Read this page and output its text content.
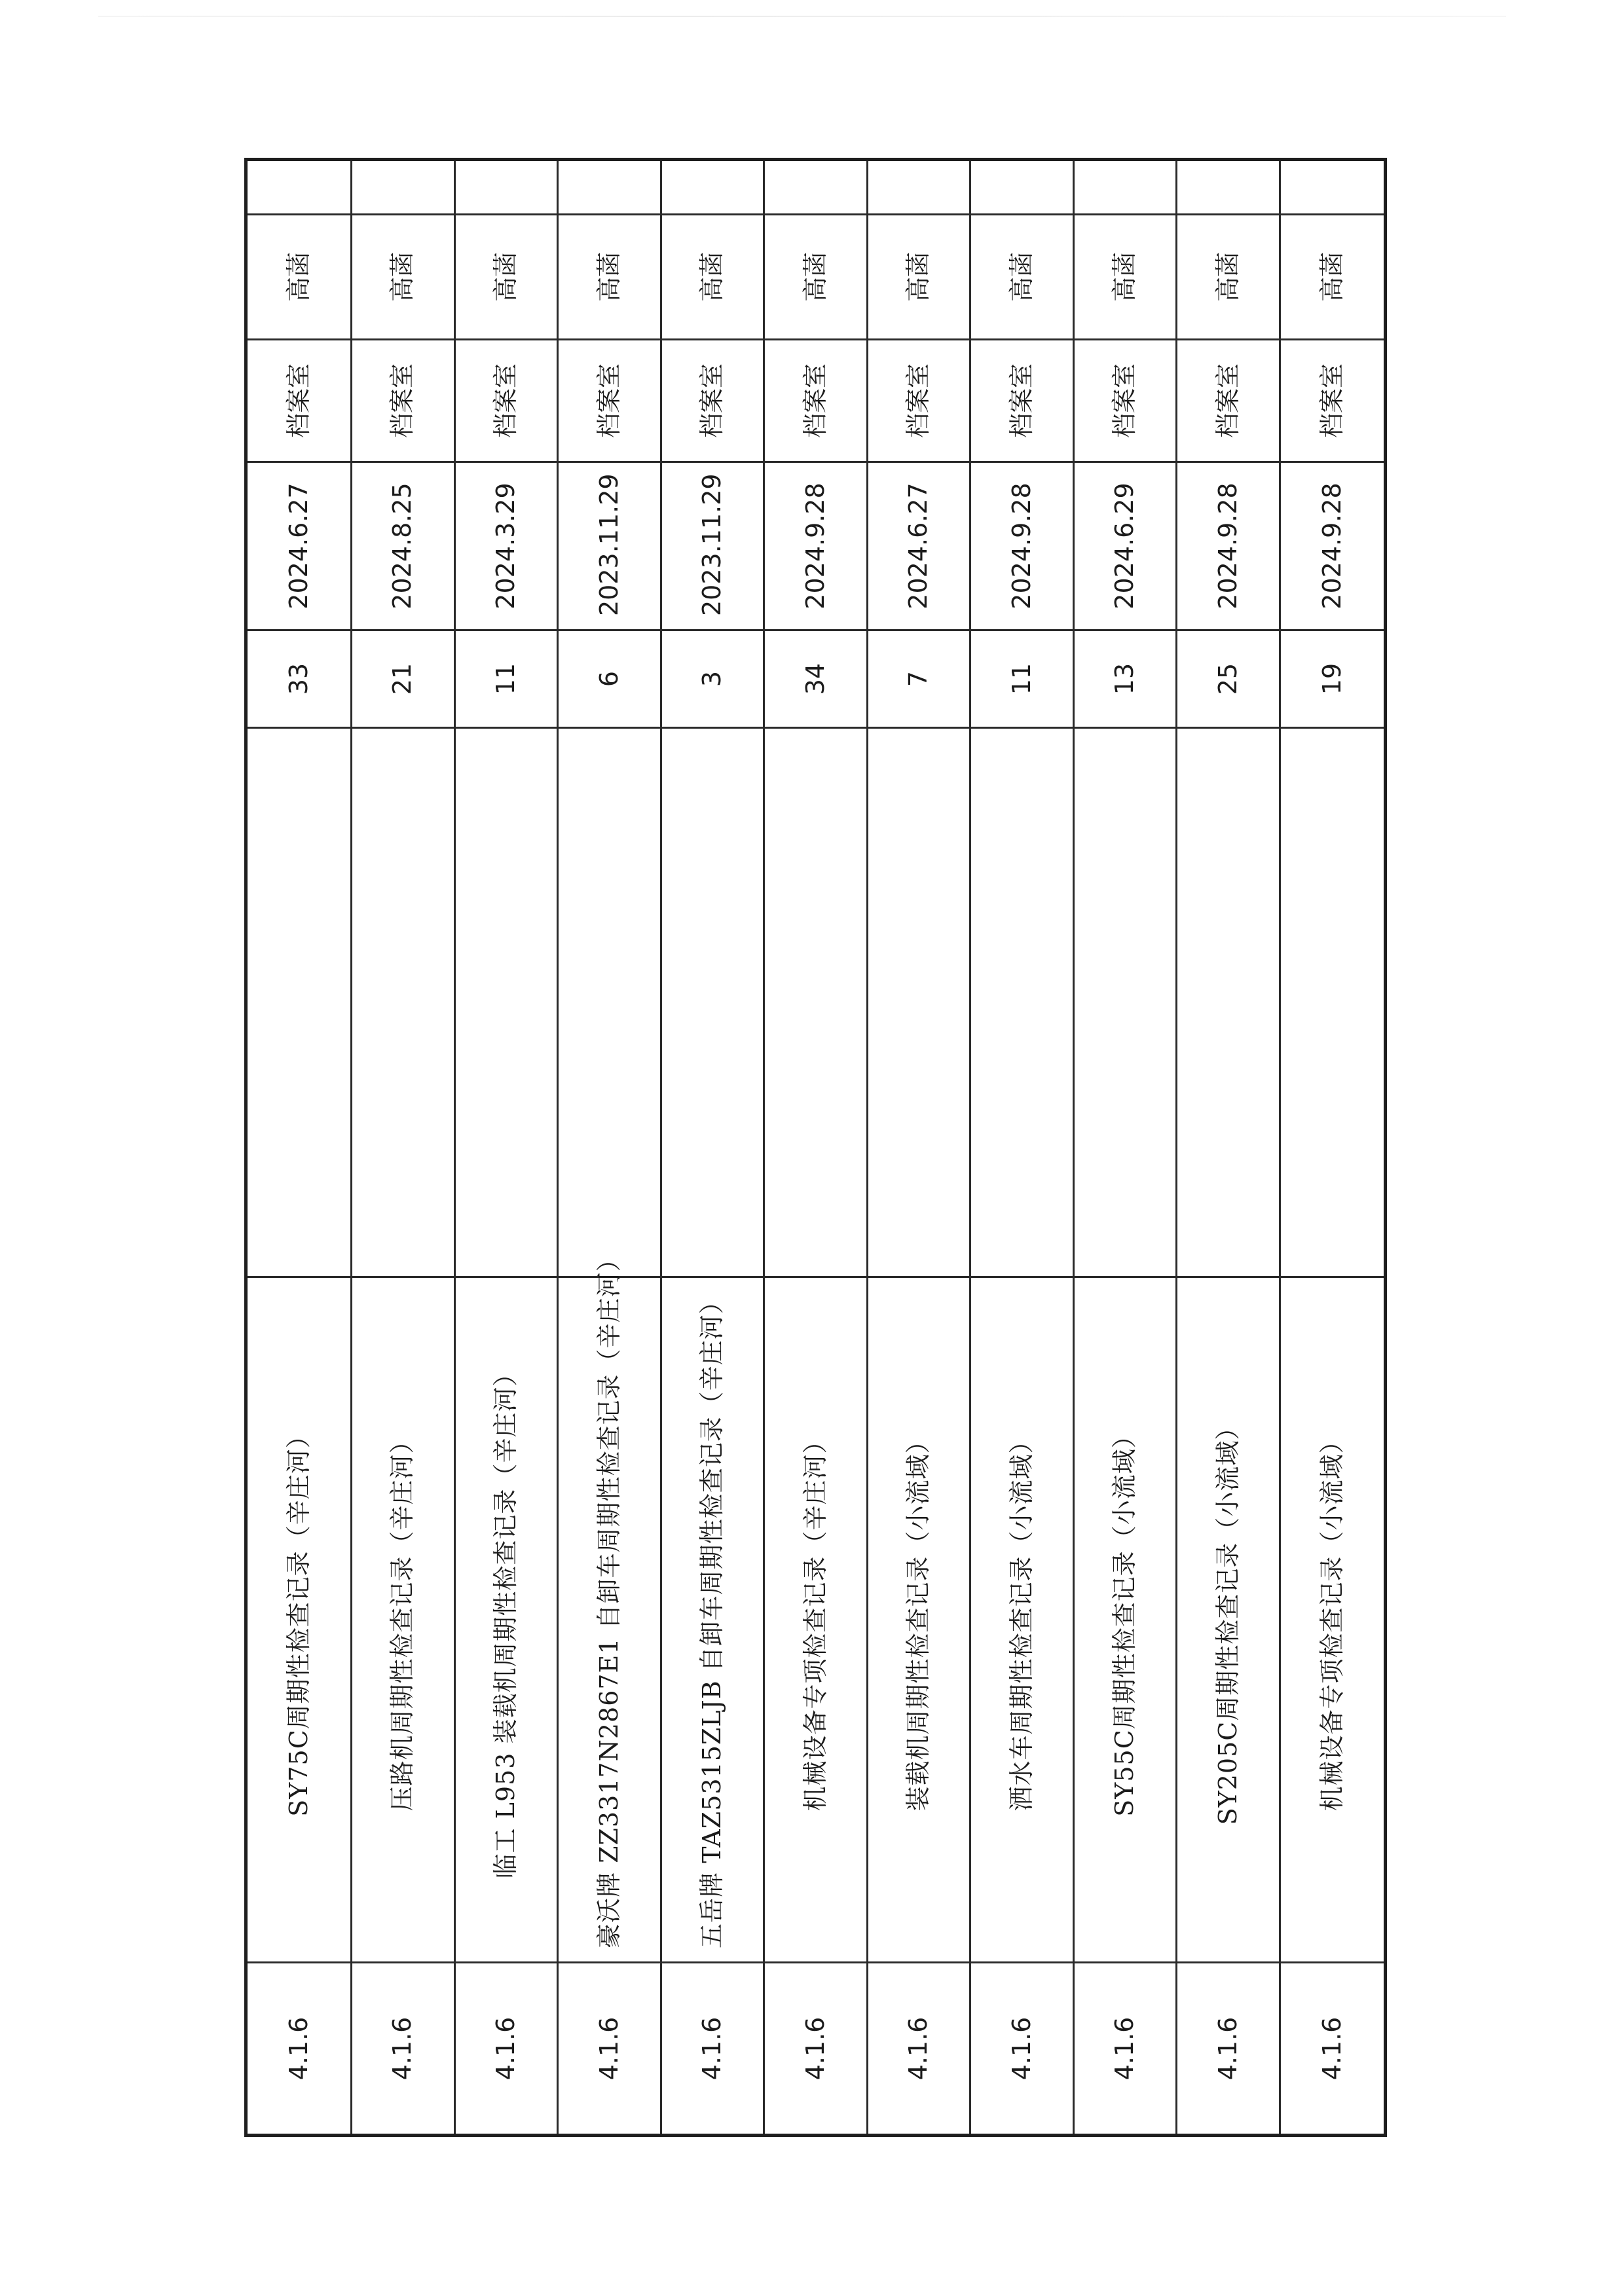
4.1.6	SY75C周期性检查记录（辛庄河）		33	2024.6.27	档案室	高菡	
4.1.6	压路机周期性检查记录（辛庄河）		21	2024.8.25	档案室	高菡	
4.1.6	临工 L953 装载机周期性检查记录（辛庄河）		11	2024.3.29	档案室	高菡	
4.1.6	豪沃牌 ZZ3317N2867E1 自卸车周期性检查记录（辛庄河）		6	2023.11.29	档案室	高菡	
4.1.6	五岳牌 TAZ5315ZLJB 自卸车周期性检查记录（辛庄河）		3	2023.11.29	档案室	高菡	
4.1.6	机械设备专项检查记录（辛庄河）		34	2024.9.28	档案室	高菡	
4.1.6	装载机周期性检查记录（小流域）		7	2024.6.27	档案室	高菡	
4.1.6	洒水车周期性检查记录（小流域）		11	2024.9.28	档案室	高菡	
4.1.6	SY55C周期性检查记录（小流域）		13	2024.6.29	档案室	高菡	
4.1.6	SY205C周期性检查记录（小流域）		25	2024.9.28	档案室	高菡	
4.1.6	机械设备专项检查记录（小流域）		19	2024.9.28	档案室	高菡	
